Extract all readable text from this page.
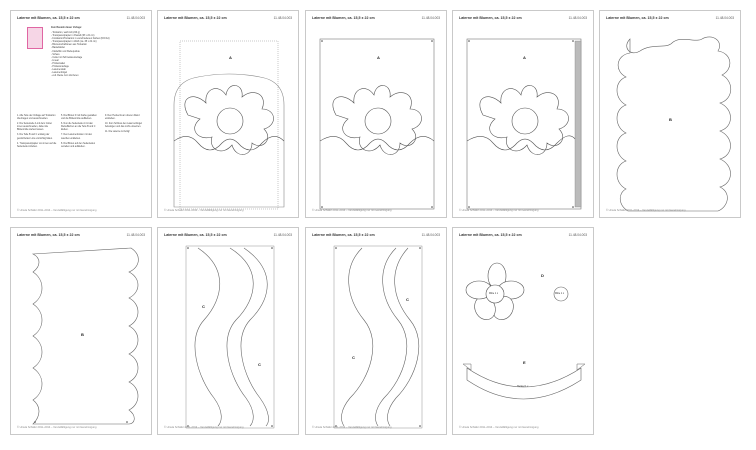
Laterne mit Blumen, ca. 15,5 x 22 cm	11.48.04.003
Zum Basteln dieser Vorlage:
- Tonkarton, weiß A4 (220 g)
- Transparentpapier in Pastell (38 x 22 cm)
- Fotokarton/Tonkarton in verschiedenen Farben (DIN A4)
- Transparentpapier in Weiß (ca. 38 x 22 cm)
- Blumenschablonen aus Tonkarton
- Bastelkleber
- Klebefilm und Klebepunkte
- Schere
- Cutter mit Schneideunterlage
- Lineal
- Prickelnadel
- Prickelunterlage
- Laternenstab
- Laternenbügel
- evtl. Reste zum Verzieren

1. Alle Teile der Vorlage auf Tonkarton übertragen und ausschneiden.

2. Die Seitenteile A mit dem Cutter innen ausschneiden, dabei die Blütenmitte stehen lassen.

3. Die Teile B und C entlang der gestrichelten Linie vorsichtig falten.

4. Transparentpapier von innen auf die Seitenteile A kleben.

5. Die Blüten D mit Farbe gestalten und die Blütenmitte aufkleben.

6. Nun die Seitenteile A mit den Klebeflächen an die Teile B und C kleben.

7. Den Laternenboden mit den Laschen einkleben.

8. Die Blüten auf den Seitenteilen verteilen und aufkleben.

9. Den Henkel E am oberen Rand einkleben.

10. Zum Schluss den Laternenbügel befestigen und das Licht einsetzen.

11. Die Laterne ist fertig!

© Ursula Schäfer 2011–2014 – Vervielfältigung nur mit Genehmigung
Laterne mit Blumen, ca. 15,5 x 22 cm	11.48.04.003
A
© Ursula Schäfer 2011–2014 – Vervielfältigung nur mit Genehmigung
Laterne mit Blumen, ca. 15,5 x 22 cm	11.48.04.003
A
© Ursula Schäfer 2011–2014 – Vervielfältigung nur mit Genehmigung
Laterne mit Blumen, ca. 15,5 x 22 cm	11.48.04.003
A
© Ursula Schäfer 2011–2014 – Vervielfältigung nur mit Genehmigung
Laterne mit Blumen, ca. 15,5 x 22 cm	11.48.04.003
B
© Ursula Schäfer 2011–2014 – Vervielfältigung nur mit Genehmigung
Laterne mit Blumen, ca. 15,5 x 22 cm	11.48.04.003
B
© Ursula Schäfer 2011–2014 – Vervielfältigung nur mit Genehmigung
Laterne mit Blumen, ca. 15,5 x 22 cm	11.48.04.003
C
C
© Ursula Schäfer 2011–2014 – Vervielfältigung nur mit Genehmigung
Laterne mit Blumen, ca. 15,5 x 22 cm	11.48.04.003
C
C
© Ursula Schäfer 2011–2014 – Vervielfältigung nur mit Genehmigung
Laterne mit Blumen, ca. 15,5 x 22 cm	11.48.04.003
D
Mitte 1 x	Mitte 1 x
E
Henkel 1 x
© Ursula Schäfer 2011–2014 – Vervielfältigung nur mit Genehmigung
